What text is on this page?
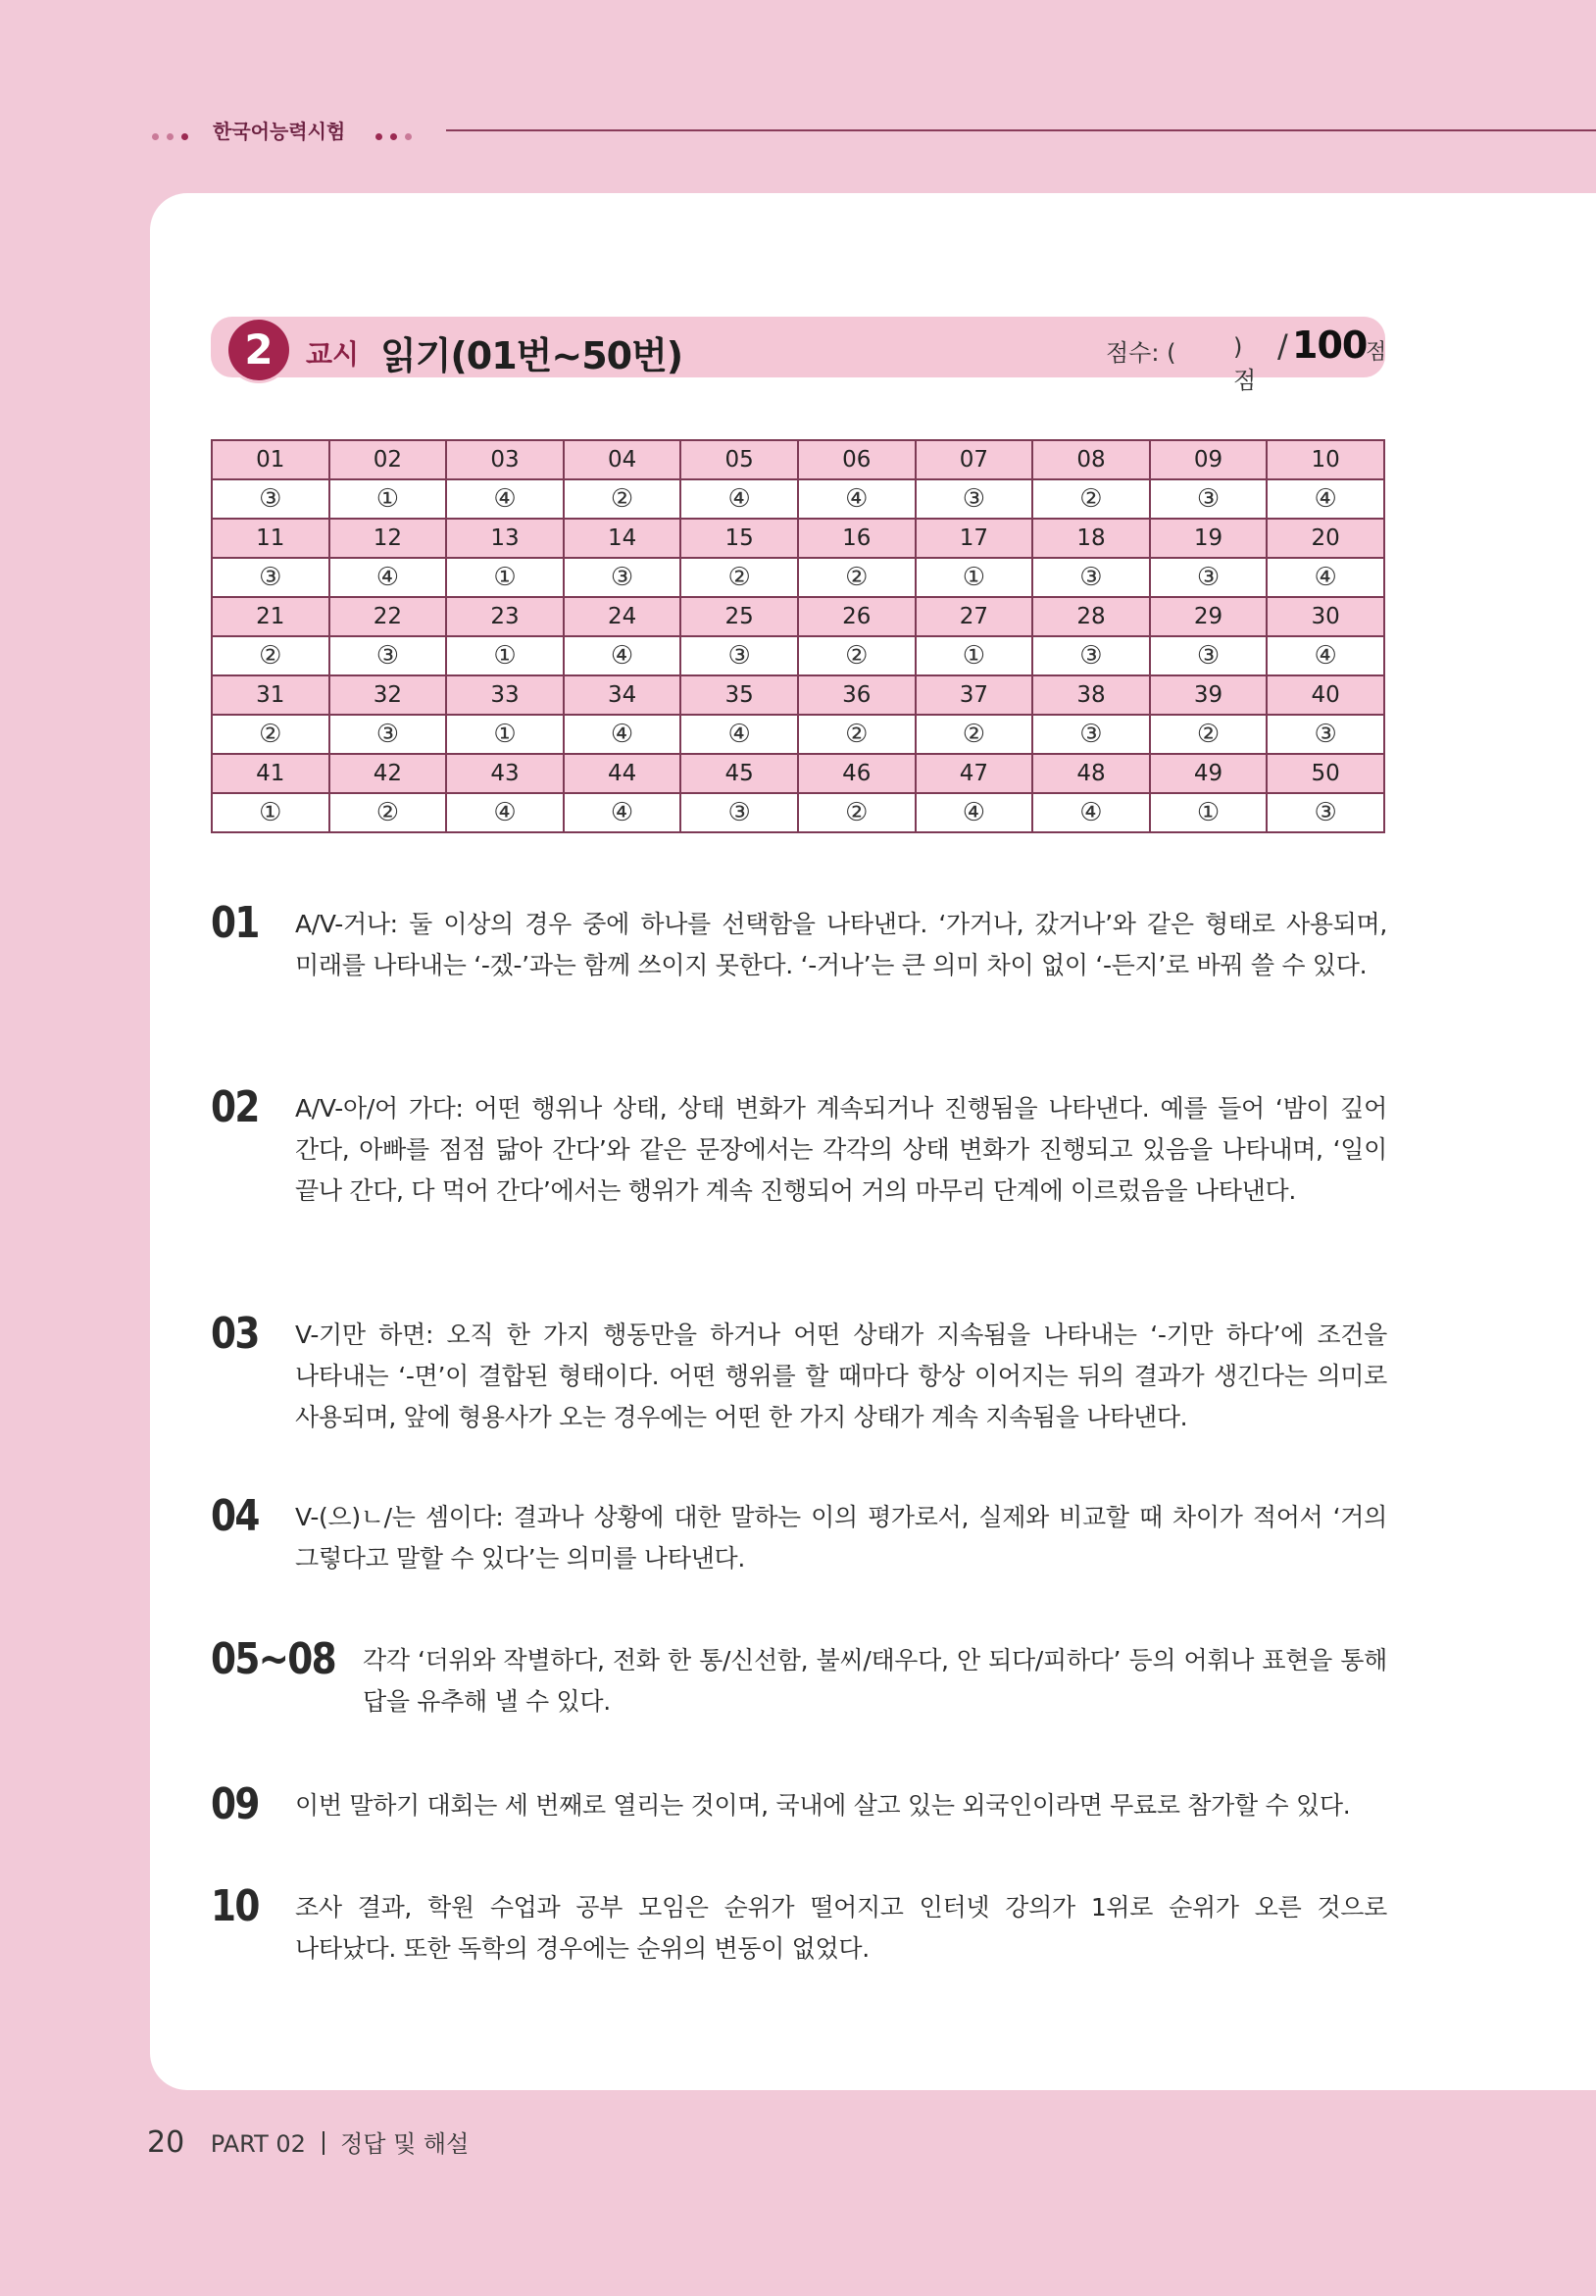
한국어능력시험
2	교시 읽기(01번~50번)	점수: ( )점
/ 100
점
01	02	03	04	05	06	07	08	09	10
③	①	④	②	④	④	③	②	③	④
11	12	13	14	15	16	17	18	19	20
③	④	①	③	②	②	①	③	③	④
21	22	23	24	25	26	27	28	29	30
②	③	①	④	③	②	①	③	③	④
31	32	33	34	35	36	37	38	39	40
②	③	①	④	④	②	②	③	②	③
41	42	43	44	45	46	47	48	49	50
①	②	④	④	③	②	④	④	①	③
01 A/V-거나: 둘 이상의 경우 중에 하나를 선택함을 나타낸다. ‘가거나, 갔거나’와 같은 형태로 사용되며, 미래를 나타내는 ‘-겠-’과는 함께 쓰이지 못한다. ‘-거나’는 큰 의미 차이 없이 ‘-든지’로 바꿔 쓸 수 있다.
02 A/V-아/어 가다: 어떤 행위나 상태, 상태 변화가 계속되거나 진행됨을 나타낸다. 예를 들어 ‘밤이 깊어 간다, 아빠를 점점 닮아 간다’와 같은 문장에서는 각각의 상태 변화가 진행되고 있음을 나타내며, ‘일이 끝나 간다, 다 먹어 간다’에서는 행위가 계속 진행되어 거의 마무리 단계에 이르렀음을 나타낸다.
03 V-기만 하면: 오직 한 가지 행동만을 하거나 어떤 상태가 지속됨을 나타내는 ‘-기만 하다’에 조건을 나타내는 ‘-면’이 결합된 형태이다. 어떤 행위를 할 때마다 항상 이어지는 뒤의 결과가 생긴다는 의미로 사용되며, 앞에 형용사가 오는 경우에는 어떤 한 가지 상태가 계속 지속됨을 나타낸다.
04 V-(으)ㄴ/는 셈이다: 결과나 상황에 대한 말하는 이의 평가로서, 실제와 비교할 때 차이가 적어서 ‘거의 그렇다고 말할 수 있다’는 의미를 나타낸다.
05~08 각각 ‘더위와 작별하다, 전화 한 통/신선함, 불씨/태우다, 안 되다/피하다’ 등의 어휘나 표현을 통해 답을 유추해 낼 수 있다.
09 이번 말하기 대회는 세 번째로 열리는 것이며, 국내에 살고 있는 외국인이라면 무료로 참가할 수 있다.
10 조사 결과, 학원 수업과 공부 모임은 순위가 떨어지고 인터넷 강의가 1위로 순위가 오른 것으로 나타났다. 또한 독학의 경우에는 순위의 변동이 없었다.
20 PART 02 정답 및 해설
